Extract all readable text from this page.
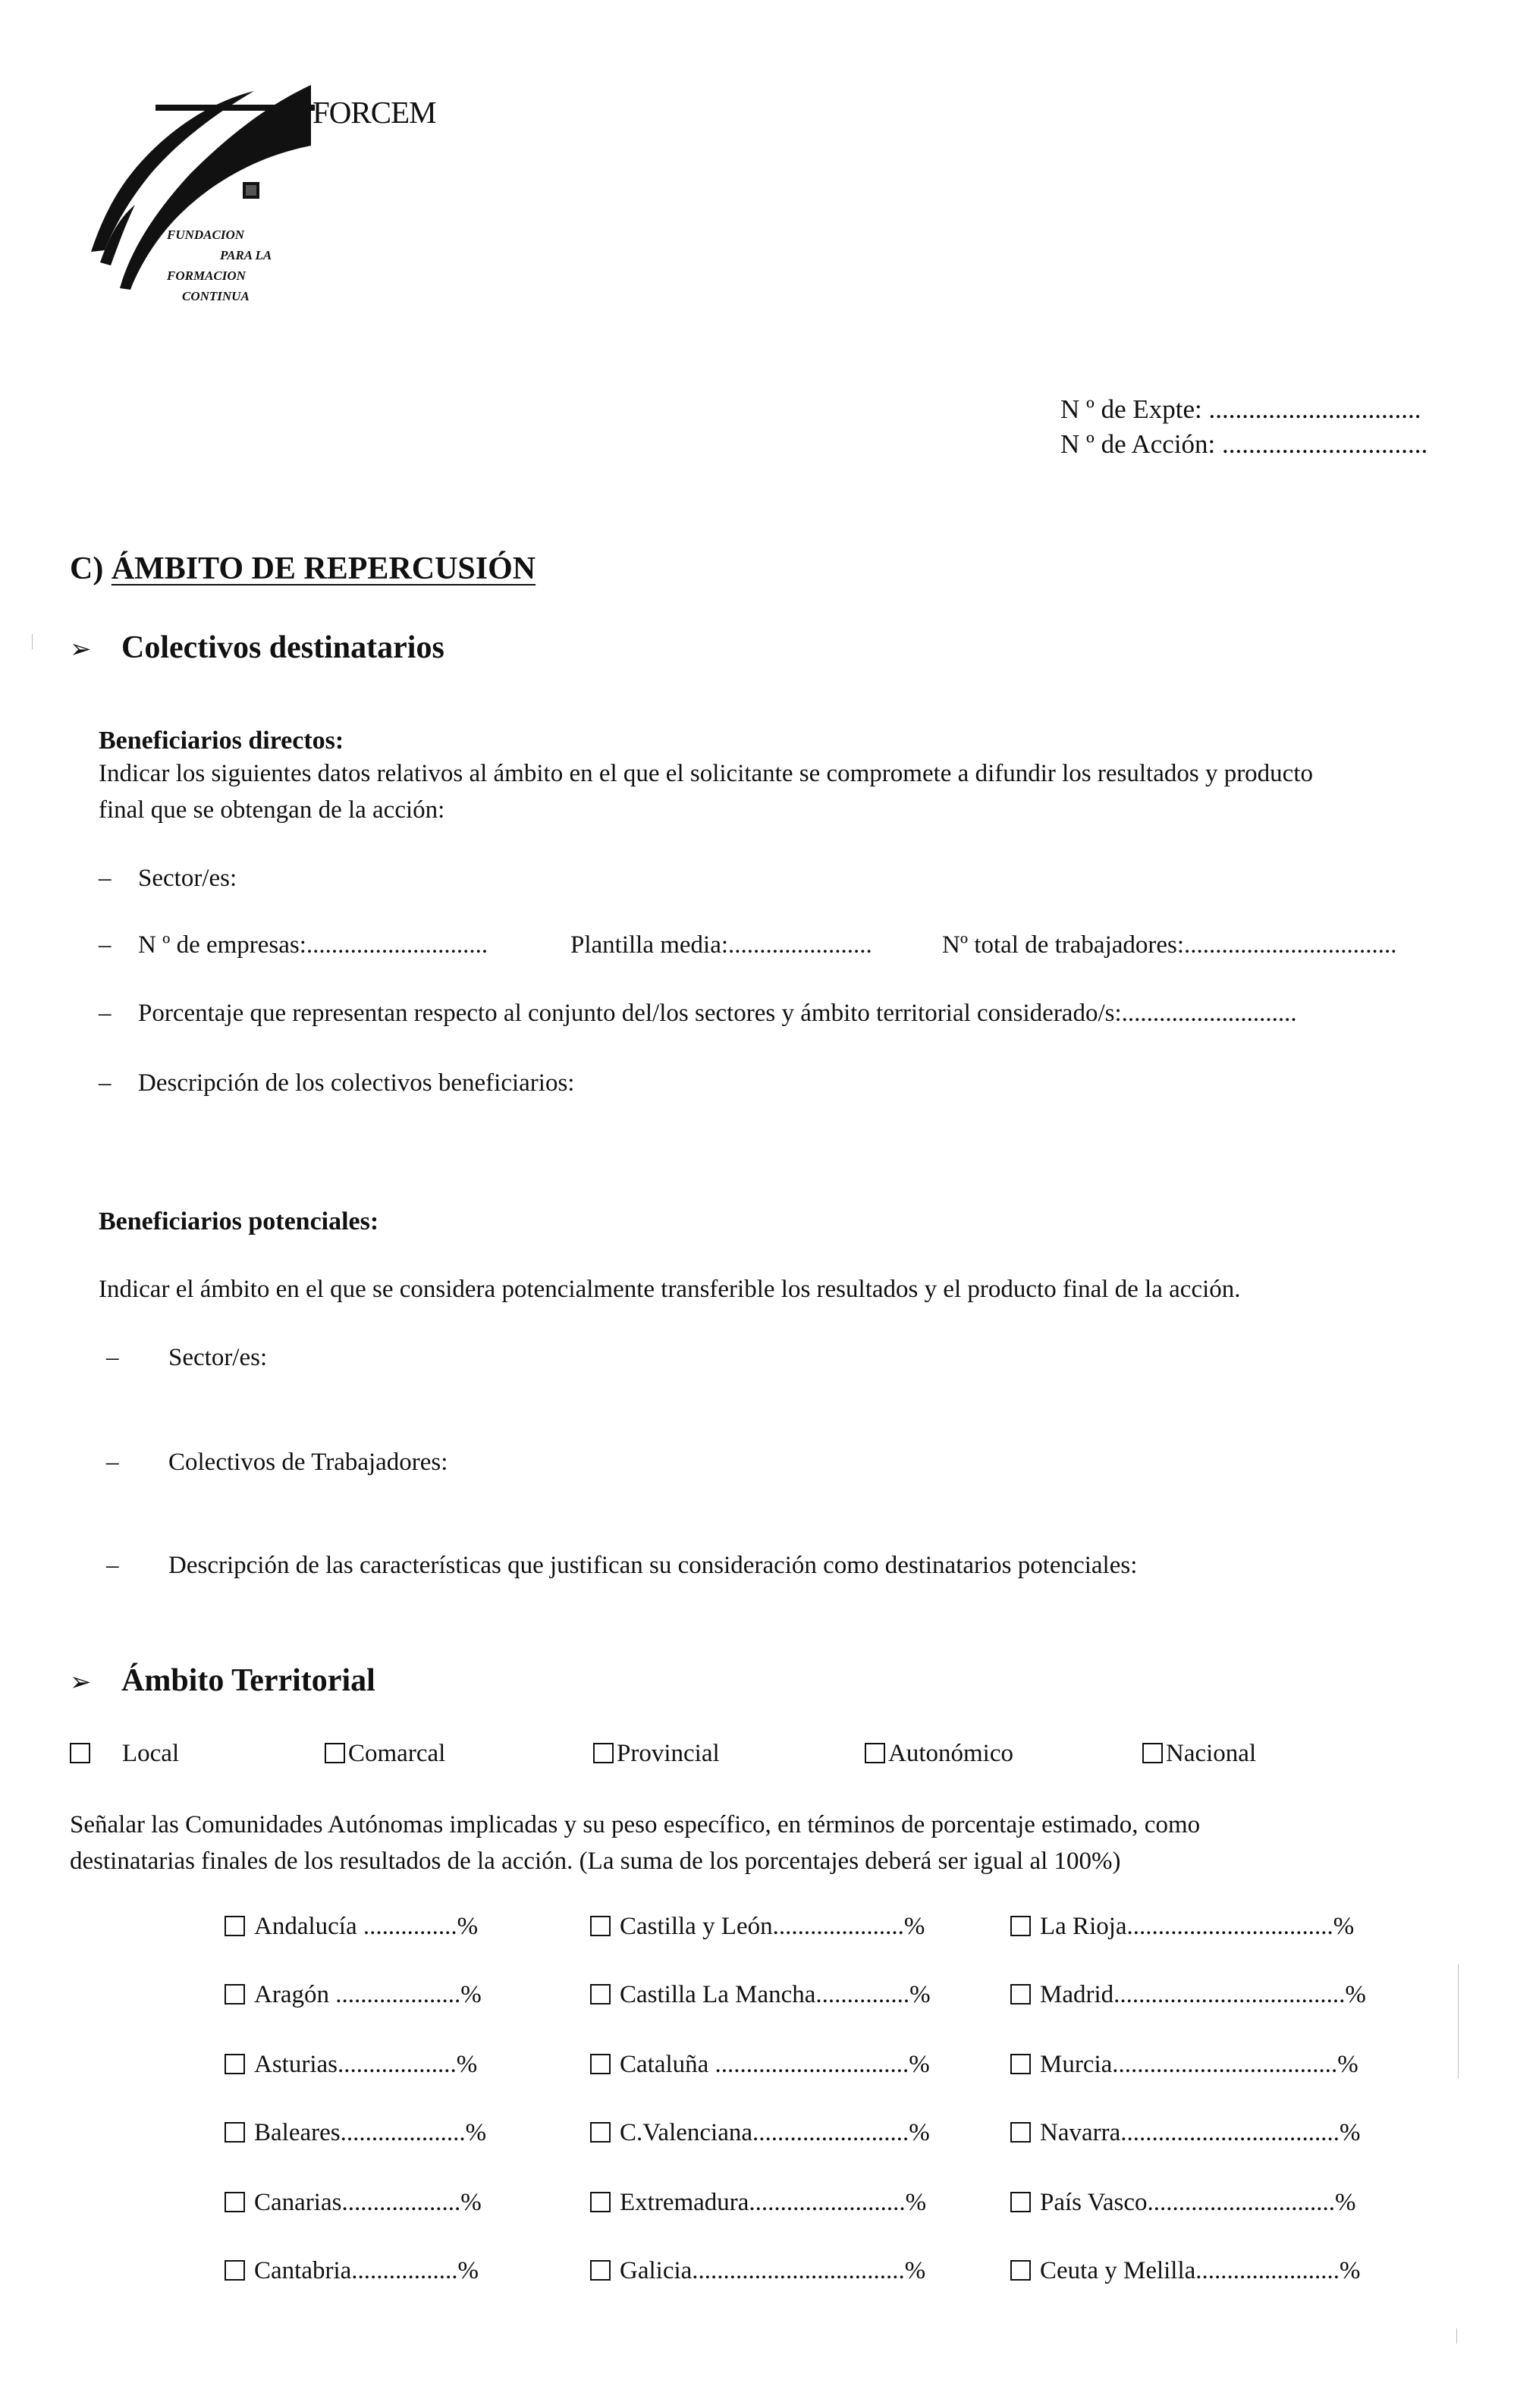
FORCEM
FUNDACION
PARA LA
FORMACION
CONTINUA
N º de Expte: ................................
N º de Acción: ...............................
C) ÁMBITO DE REPERCUSIÓN
➢ Colectivos destinatarios
Beneficiarios directos:
Indicar los siguientes datos relativos al ámbito en el que el solicitante se compromete a difundir los resultados y producto
final que se obtengan de la acción:
– Sector/es:
– N º de empresas:.............................	Plantilla media:.......................	Nº total de trabajadores:..................................
– Porcentaje que representan respecto al conjunto del/los sectores y ámbito territorial considerado/s:............................
– Descripción de los colectivos beneficiarios:
Beneficiarios potenciales:
Indicar el ámbito en el que se considera potencialmente transferible los resultados y el producto final de la acción.
– Sector/es:
– Colectivos de Trabajadores:
– Descripción de las características que justifican su consideración como destinatarios potenciales:
➢ Ámbito Territorial
Local	Comarcal	Provincial	Autonómico	Nacional
Señalar las Comunidades Autónomas implicadas y su peso específico, en términos de porcentaje estimado, como
destinatarias finales de los resultados de la acción. (La suma de los porcentajes deberá ser igual al 100%)
Andalucía ...............%	Castilla y León.....................%	La Rioja.................................%
Aragón ....................%	Castilla La Mancha...............%	Madrid.....................................%
Asturias...................%	Cataluña ...............................%	Murcia....................................%
Baleares....................%	C.Valenciana.........................%	Navarra...................................%
Canarias...................%	Extremadura.........................%	País Vasco..............................%
Cantabria.................%	Galicia..................................%	Ceuta y Melilla.......................%
